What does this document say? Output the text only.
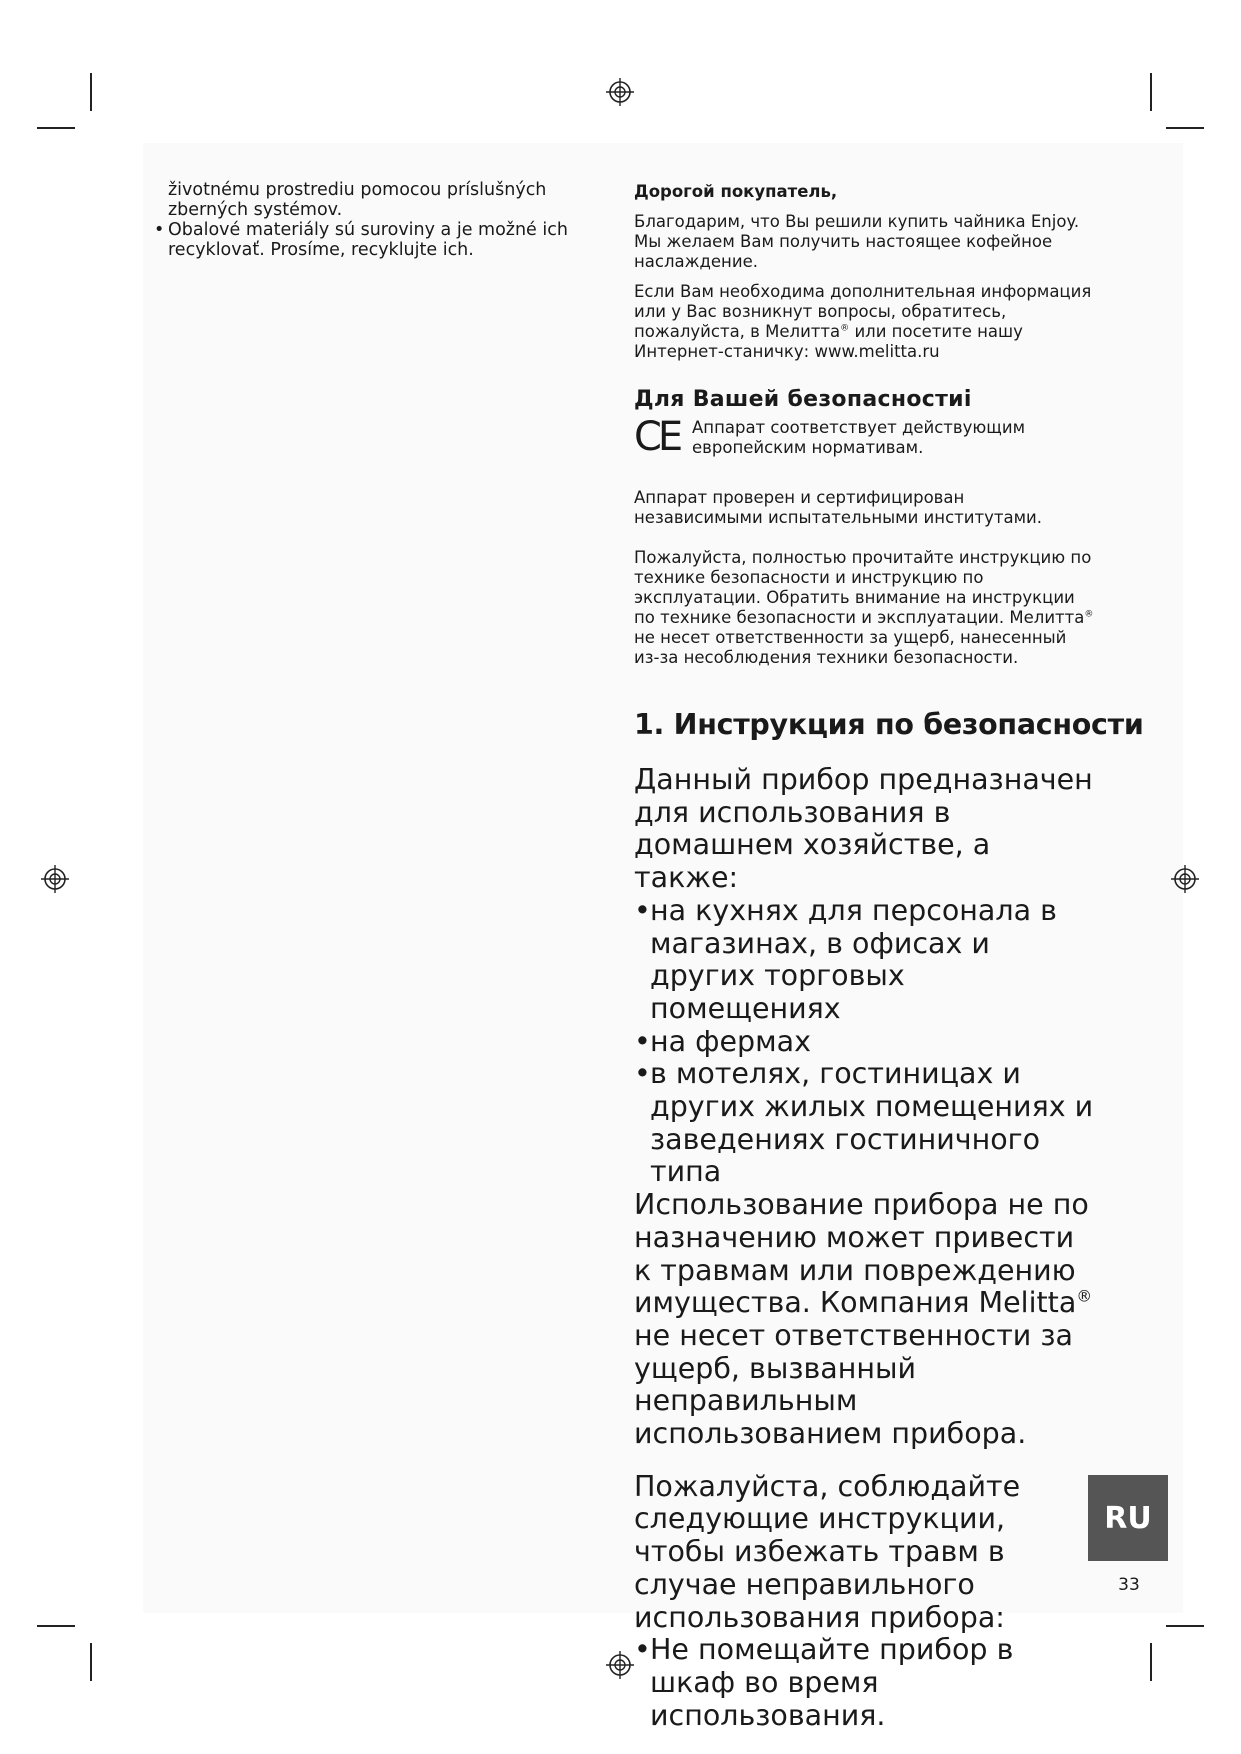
životnému prostrediu pomocou príslušných zberných systémov.

• Obalové materiály sú suroviny a je možné ich recyklovať. Prosíme, recyklujte ich.

Дорогой покупатель,

Благодарим, что Вы решили купить чайника Enjoy. Мы желаем Вам получить настоящее кофейное наслаждение.

Если Вам необходима дополнительная информация или у Вас возникнут вопросы, обратитесь, пожалуйста, в Мелитта® или посетите нашу Интернет-станичку: www.melitta.ru

Для Вашей безопасностиi

CE Аппарат соответствует действующим европейским нормативам.

Аппарат проверен и сертифицирован независимыми испытательными институтами.

Пожалуйста, полностью прочитайте инструкцию по технике безопасности и инструкцию по эксплуатации. Обратить внимание на инструкции по технике безопасности и эксплуатации. Мелитта® не несет ответственности за ущерб, нанесенный из-за несоблюдения техники безопасности.

1. Инструкция по безопасности

Данный прибор предназначен для использования в домашнем хозяйстве, а также:

• на кухнях для персонала в магазинах, в офисах и других торговых помещениях
• на фермах
• в мотелях, гостиницах и других жилых помещениях и заведениях гостиничного типа

Использование прибора не по назначению может привести к травмам или повреждению имущества. Компания Melitta® не несет ответственности за ущерб, вызванный неправильным использованием прибора.

Пожалуйста, соблюдайте следующие инструкции, чтобы избежать травм в случае неправильного использования прибора:

• Не помещайте прибор в шкаф во время использования.
RU
33
